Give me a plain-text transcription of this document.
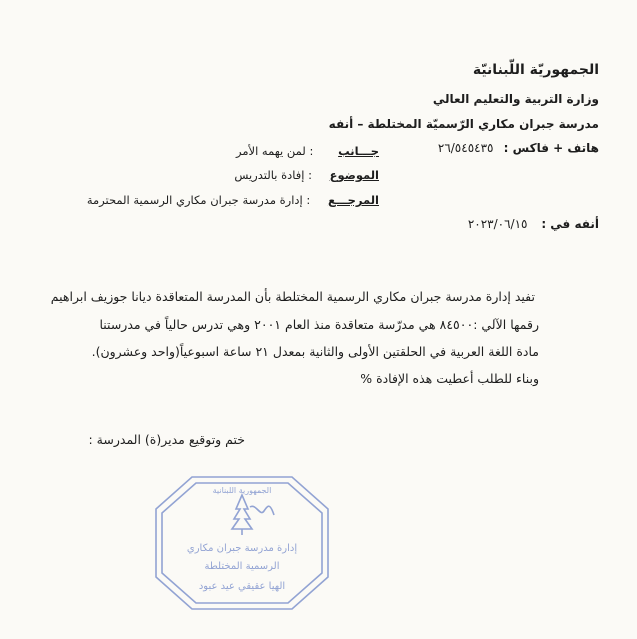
الجمهوريّة اللّبنانيّة
وزارة التربية والتعليم العالي
مدرسة جبران مكاري الرّسميّة المختلطة – أنفه
هاتف + فاكس : ٢٦/٥٤٥٤٣٥
جـــانب : لمن يهمه الأمر
الموضوع : إفادة بالتدريس
المرجـــع : إدارة مدرسة جبران مكاري الرسمية المحترمة
أنفه في : ٢٠٢٣/٠٦/١٥
تفيد إدارة مدرسة جبران مكاري الرسمية المختلطة بأن المدرسة المتعاقدة ديانا جوزيف ابراهيم
رقمها الآلي :٨٤٥٠٠ هي مدرّسة متعاقدة منذ العام ٢٠٠١ وهي تدرس حالياً في مدرستنا
مادة اللغة العربية في الحلقتين الأولى والثانية بمعدل ٢١ ساعة اسبوعياً(واحد وعشرون).
وبناء للطلب أعطيت هذه الإفادة %
ختم وتوقيع مدير(ة) المدرسة :
الجمهورية اللبنانية
إدارة مدرسة جبران مكاري
الرسمية المختلطة
الهيا عقيقي عيد عبود
